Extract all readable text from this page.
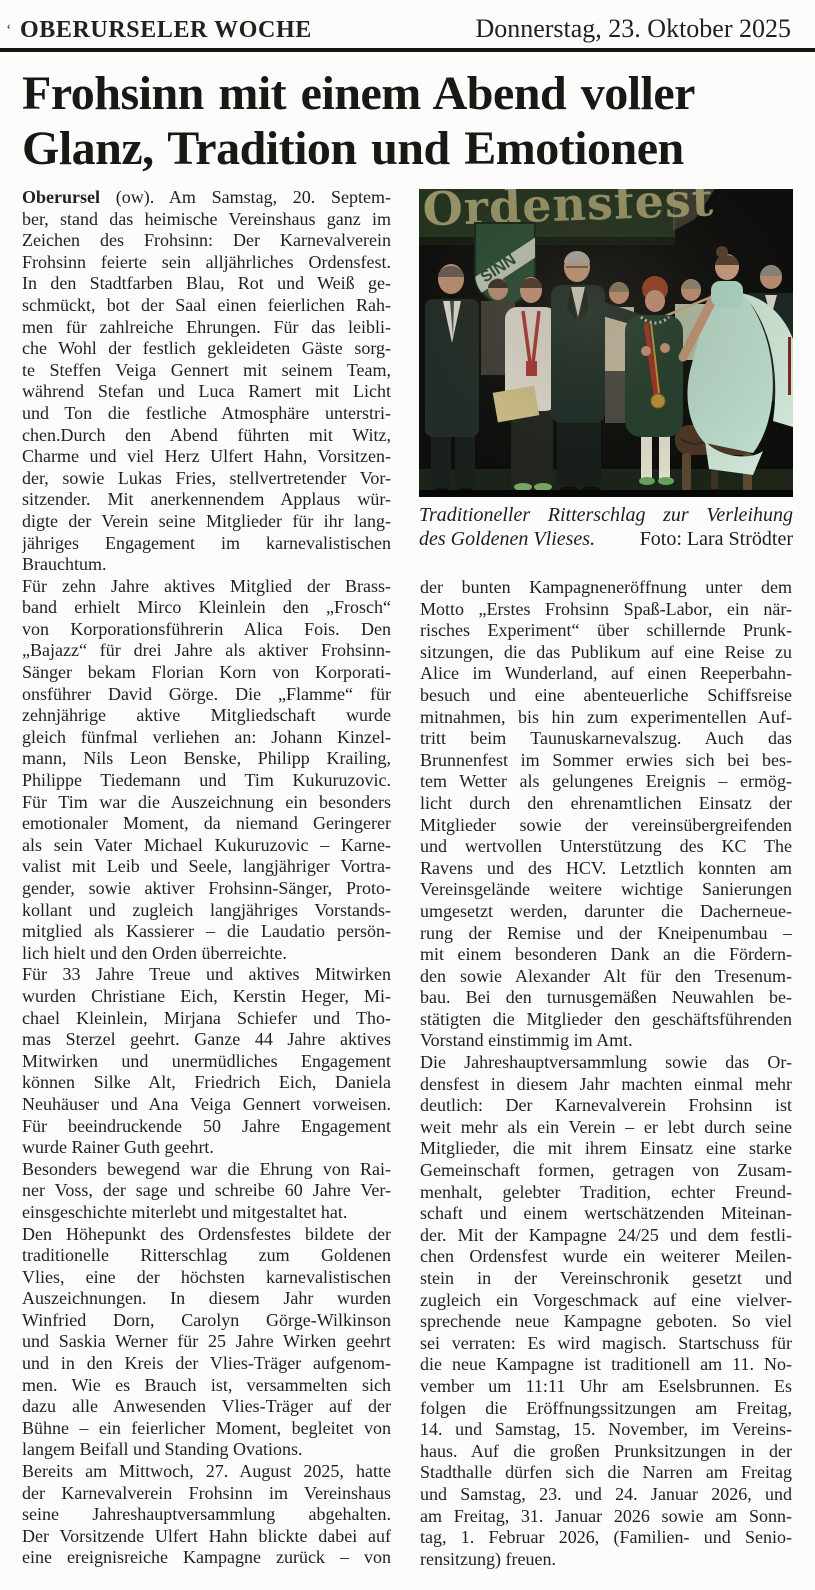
‘ OBERURSELER WOCHE	Donnerstag, 23. Oktober 2025
Frohsinn mit einem Abend voller
Glanz, Tradition und Emotionen
Oberursel (ow). Am Samstag, 20. Septem-
ber, stand das heimische Vereinshaus ganz im
Zeichen des Frohsinn: Der Karnevalverein
Frohsinn feierte sein alljährliches Ordensfest.
In den Stadtfarben Blau, Rot und Weiß ge-
schmückt, bot der Saal einen feierlichen Rah-
men für zahlreiche Ehrungen. Für das leibli-
che Wohl der festlich gekleideten Gäste sorg-
te Steffen Veiga Gennert mit seinem Team,
während Stefan und Luca Ramert mit Licht
und Ton die festliche Atmosphäre unterstri-
chen.Durch den Abend führten mit Witz,
Charme und viel Herz Ulfert Hahn, Vorsitzen-
der, sowie Lukas Fries, stellvertretender Vor-
sitzender. Mit anerkennendem Applaus wür-
digte der Verein seine Mitglieder für ihr lang-
jähriges Engagement im karnevalistischen
Brauchtum.
Für zehn Jahre aktives Mitglied der Brass-
band erhielt Mirco Kleinlein den „Frosch“
von Korporationsführerin Alica Fois. Den
„Bajazz“ für drei Jahre als aktiver Frohsinn-
Sänger bekam Florian Korn von Korporati-
onsführer David Görge. Die „Flamme“ für
zehnjährige aktive Mitgliedschaft wurde
gleich fünfmal verliehen an: Johann Kinzel-
mann, Nils Leon Benske, Philipp Krailing,
Philippe Tiedemann und Tim Kukuruzovic.
Für Tim war die Auszeichnung ein besonders
emotionaler Moment, da niemand Geringerer
als sein Vater Michael Kukuruzovic – Karne-
valist mit Leib und Seele, langjähriger Vortra-
gender, sowie aktiver Frohsinn-Sänger, Proto-
kollant und zugleich langjähriges Vorstands-
mitglied als Kassierer – die Laudatio persön-
lich hielt und den Orden überreichte.
Für 33 Jahre Treue und aktives Mitwirken
wurden Christiane Eich, Kerstin Heger, Mi-
chael Kleinlein, Mirjana Schiefer und Tho-
mas Sterzel geehrt. Ganze 44 Jahre aktives
Mitwirken und unermüdliches Engagement
können Silke Alt, Friedrich Eich, Daniela
Neuhäuser und Ana Veiga Gennert vorweisen.
Für beeindruckende 50 Jahre Engagement
wurde Rainer Guth geehrt.
Besonders bewegend war die Ehrung von Rai-
ner Voss, der sage und schreibe 60 Jahre Ver-
einsgeschichte miterlebt und mitgestaltet hat.
Den Höhepunkt des Ordensfestes bildete der
traditionelle Ritterschlag zum Goldenen
Vlies, eine der höchsten karnevalistischen
Auszeichnungen. In diesem Jahr wurden
Winfried Dorn, Carolyn Görge-Wilkinson
und Saskia Werner für 25 Jahre Wirken geehrt
und in den Kreis der Vlies-Träger aufgenom-
men. Wie es Brauch ist, versammelten sich
dazu alle Anwesenden Vlies-Träger auf der
Bühne – ein feierlicher Moment, begleitet von
langem Beifall und Standing Ovations.
Bereits am Mittwoch, 27. August 2025, hatte
der Karnevalverein Frohsinn im Vereinshaus
seine Jahreshauptversammlung abgehalten.
Der Vorsitzende Ulfert Hahn blickte dabei auf
eine ereignisreiche Kampagne zurück – von
Traditioneller Ritterschlag zur Verleihung
des Goldenen Vlieses. Foto: Lara Strödter
der bunten Kampagneneröffnung unter dem
Motto „Erstes Frohsinn Spaß-Labor, ein när-
risches Experiment“ über schillernde Prunk-
sitzungen, die das Publikum auf eine Reise zu
Alice im Wunderland, auf einen Reeperbahn-
besuch und eine abenteuerliche Schiffsreise
mitnahmen, bis hin zum experimentellen Auf-
tritt beim Taunuskarnevalszug. Auch das
Brunnenfest im Sommer erwies sich bei bes-
tem Wetter als gelungenes Ereignis – ermög-
licht durch den ehrenamtlichen Einsatz der
Mitglieder sowie der vereinsübergreifenden
und wertvollen Unterstützung des KC The
Ravens und des HCV. Letztlich konnten am
Vereinsgelände weitere wichtige Sanierungen
umgesetzt werden, darunter die Dacherneue-
rung der Remise und der Kneipenumbau –
mit einem besonderen Dank an die Fördern-
den sowie Alexander Alt für den Tresenum-
bau. Bei den turnusgemäßen Neuwahlen be-
stätigten die Mitglieder den geschäftsführenden
Vorstand einstimmig im Amt.
Die Jahreshauptversammlung sowie das Or-
densfest in diesem Jahr machten einmal mehr
deutlich: Der Karnevalverein Frohsinn ist
weit mehr als ein Verein – er lebt durch seine
Mitglieder, die mit ihrem Einsatz eine starke
Gemeinschaft formen, getragen von Zusam-
menhalt, gelebter Tradition, echter Freund-
schaft und einem wertschätzenden Miteinan-
der. Mit der Kampagne 24/25 und dem festli-
chen Ordensfest wurde ein weiterer Meilen-
stein in der Vereinschronik gesetzt und
zugleich ein Vorgeschmack auf eine vielver-
sprechende neue Kampagne geboten. So viel
sei verraten: Es wird magisch. Startschuss für
die neue Kampagne ist traditionell am 11. No-
vember um 11:11 Uhr am Eselsbrunnen. Es
folgen die Eröffnungssitzungen am Freitag,
14. und Samstag, 15. November, im Vereins-
haus. Auf die großen Prunksitzungen in der
Stadthalle dürfen sich die Narren am Freitag
und Samstag, 23. und 24. Januar 2026, und
am Freitag, 31. Januar 2026 sowie am Sonn-
tag, 1. Februar 2026, (Familien- und Senio-
rensitzung) freuen.
